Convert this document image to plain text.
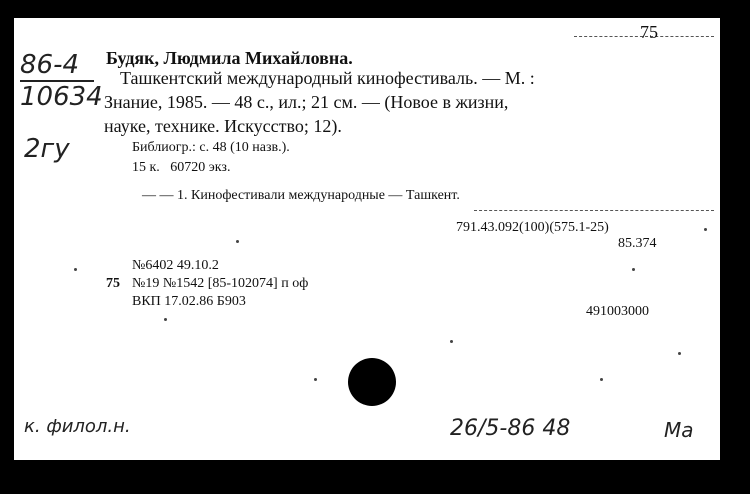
75
86-4
10634
2гу
Будяк, Людмила Михайловна.
Ташкентский международный кинофестиваль. — М. :
Знание, 1985. — 48 с., ил.; 21 см. — (Новое в жизни,
науке, технике. Искусство; 12).
Библиогр.: с. 48 (10 назв.).
15 к.   60720 экз.
— — 1. Кинофестивали международные — Ташкент.
791.43.092(100)(575.1-25)
85.374
№6402 49.10.2
75 №19 №1542 [85-102074] п оф
ВКП 17.02.86 Б903
491003000
к. филол.н.	26/5-86 48	Ма
